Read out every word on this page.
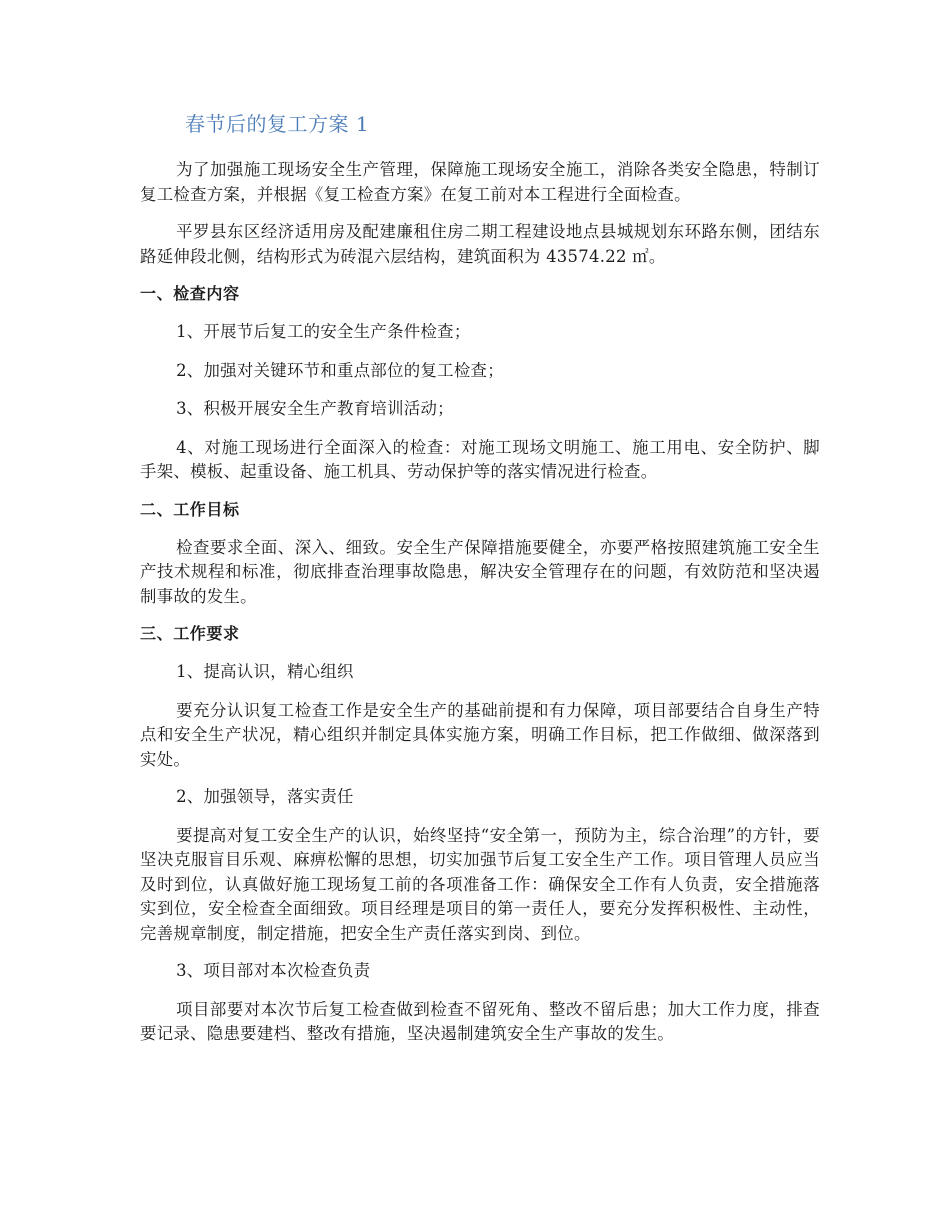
春节后的复工方案 1

为了加强施工现场安全生产管理，保障施工现场安全施工，消除各类安全隐患，特制订复工检查方案，并根据《复工检查方案》在复工前对本工程进行全面检查。

平罗县东区经济适用房及配建廉租住房二期工程建设地点县城规划东环路东侧，团结东路延伸段北侧，结构形式为砖混六层结构，建筑面积为 43574.22 ㎡。

一、检查内容

1、开展节后复工的安全生产条件检查；

2、加强对关键环节和重点部位的复工检查；

3、积极开展安全生产教育培训活动；

4、对施工现场进行全面深入的检查：对施工现场文明施工、施工用电、安全防护、脚手架、模板、起重设备、施工机具、劳动保护等的落实情况进行检查。

二、工作目标

检查要求全面、深入、细致。安全生产保障措施要健全，亦要严格按照建筑施工安全生产技术规程和标准，彻底排查治理事故隐患，解决安全管理存在的问题，有效防范和坚决遏制事故的发生。

三、工作要求

1、提高认识，精心组织

要充分认识复工检查工作是安全生产的基础前提和有力保障，项目部要结合自身生产特点和安全生产状况，精心组织并制定具体实施方案，明确工作目标，把工作做细、做深落到实处。

2、加强领导，落实责任

要提高对复工安全生产的认识，始终坚持“安全第一，预防为主，综合治理”的方针，要坚决克服盲目乐观、麻痹松懈的思想，切实加强节后复工安全生产工作。项目管理人员应当及时到位，认真做好施工现场复工前的各项准备工作：确保安全工作有人负责，安全措施落实到位，安全检查全面细致。项目经理是项目的第一责任人，要充分发挥积极性、主动性，完善规章制度，制定措施，把安全生产责任落实到岗、到位。

3、项目部对本次检查负责

项目部要对本次节后复工检查做到检查不留死角、整改不留后患；加大工作力度，排查要记录、隐患要建档、整改有措施，坚决遏制建筑安全生产事故的发生。
